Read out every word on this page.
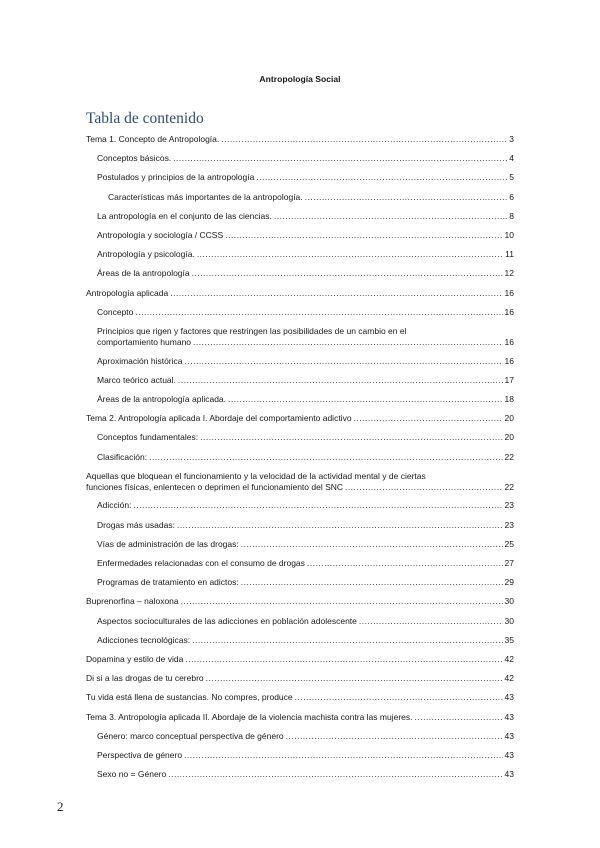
Antropología Social
Tabla de contenido
Tema 1. Concepto de Antropología. .....	3
Conceptos básicos. .....	4
Postulados y principios de la antropología .....	5
Características más importantes de la antropología. .....	6
La antropología en el conjunto de las ciencias. .....	8
Antropología y sociología / CCSS .....	10
Antropología y psicología. .....	11
Áreas de la antropología .....	12
Antropología aplicada .....	16
Concepto .....	16
Principios que rigen y factores que restringen las posibilidades de un cambio en el
comportamiento humano .....	16
Aproximación histórica .....	16
Marco teórico actual. .....	17
Áreas de la antropología aplicada. .....	18
Tema 2. Antropología aplicada I. Abordaje del comportamiento adictivo .....	20
Conceptos fundamentales: .....	20
Clasificación: .....	22
Aquellas que bloquean el funcionamiento y la velocidad de la actividad mental y de ciertas
funciones físicas, enlentecen o deprimen el funcionamiento del SNC .....	22
Adicción: .....	23
Drogas más usadas: .....	23
Vías de administración de las drogas: .....	25
Enfermedades relacionadas con el consumo de drogas .....	27
Programas de tratamiento en adictos: .....	29
Buprenorfina – naloxona .....	30
Aspectos socioculturales de las adicciones en población adolescente .....	30
Adicciones tecnológicas: .....	35
Dopamina y estilo de vida .....	42
Di si a las drogas de tu cerebro .....	42
Tu vida está llena de sustancias. No compres, produce .....	43
Tema 3. Antropología aplicada II. Abordaje de la violencia machista contra las mujeres. .....	43
Género: marco conceptual perspectiva de género .....	43
Perspectiva de género .....	43
Sexo no = Género .....	43
2
